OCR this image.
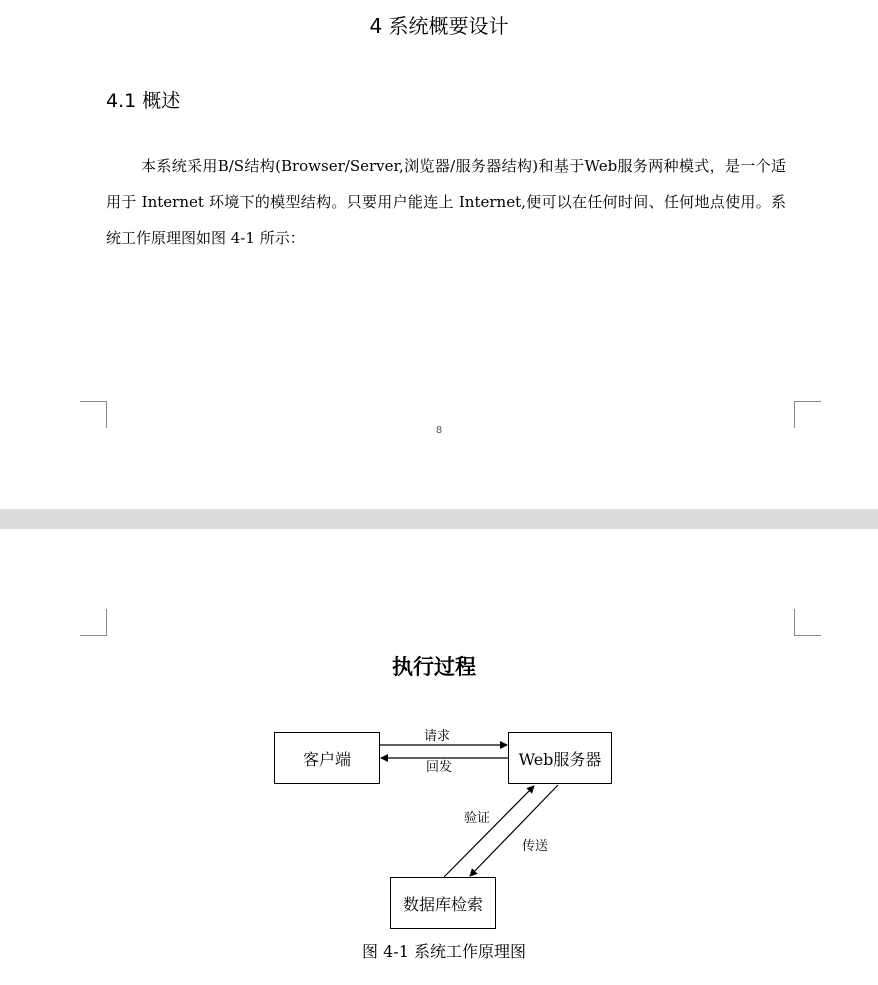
4 系统概要设计
4.1 概述

本系统采用B/S结构(Browser/Server,浏览器/服务器结构)和基于Web服务两种模式，是一个适用于 Internet 环境下的模型结构。只要用户能连上 Internet,便可以在任何时间、任何地点使用。系统工作原理图如图 4-1 所示：

8
执行过程
客户端	Web服务器
数据库检索
请求
回发
验证
传送
图 4-1 系统工作原理图
